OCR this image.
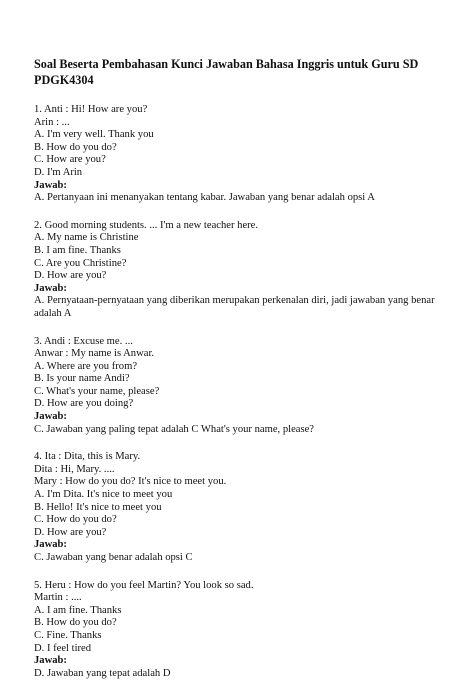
Soal Beserta Pembahasan Kunci Jawaban Bahasa Inggris untuk Guru SD PDGK4304
1. Anti : Hi! How are you?
Arin : ...
A. I'm very well. Thank you
B. How do you do?
C. How are you?
D. I'm Arin
Jawab:
A. Pertanyaan ini menanyakan tentang kabar. Jawaban yang benar adalah opsi A
2. Good morning students. ... I'm a new teacher here.
A. My name is Christine
B. I am fine. Thanks
C. Are you Christine?
D. How are you?
Jawab:
A. Pernyataan-pernyataan yang diberikan merupakan perkenalan diri, jadi jawaban yang benar adalah A
3. Andi : Excuse me. ...
Anwar : My name is Anwar.
A. Where are you from?
B. Is your name Andi?
C. What's your name, please?
D. How are you doing?
Jawab:
C. Jawaban yang paling tepat adalah C What's your name, please?
4. Ita : Dita, this is Mary.
Dita : Hi, Mary. ....
Mary : How do you do? It's nice to meet you.
A. I'm Dita. It's nice to meet you
B. Hello! It's nice to meet you
C. How do you do?
D. How are you?
Jawab:
C. Jawaban yang benar adalah opsi C
5. Heru : How do you feel Martin? You look so sad.
Martin : ....
A. I am fine. Thanks
B. How do you do?
C. Fine. Thanks
D. I feel tired
Jawab:
D. Jawaban yang tepat adalah D
